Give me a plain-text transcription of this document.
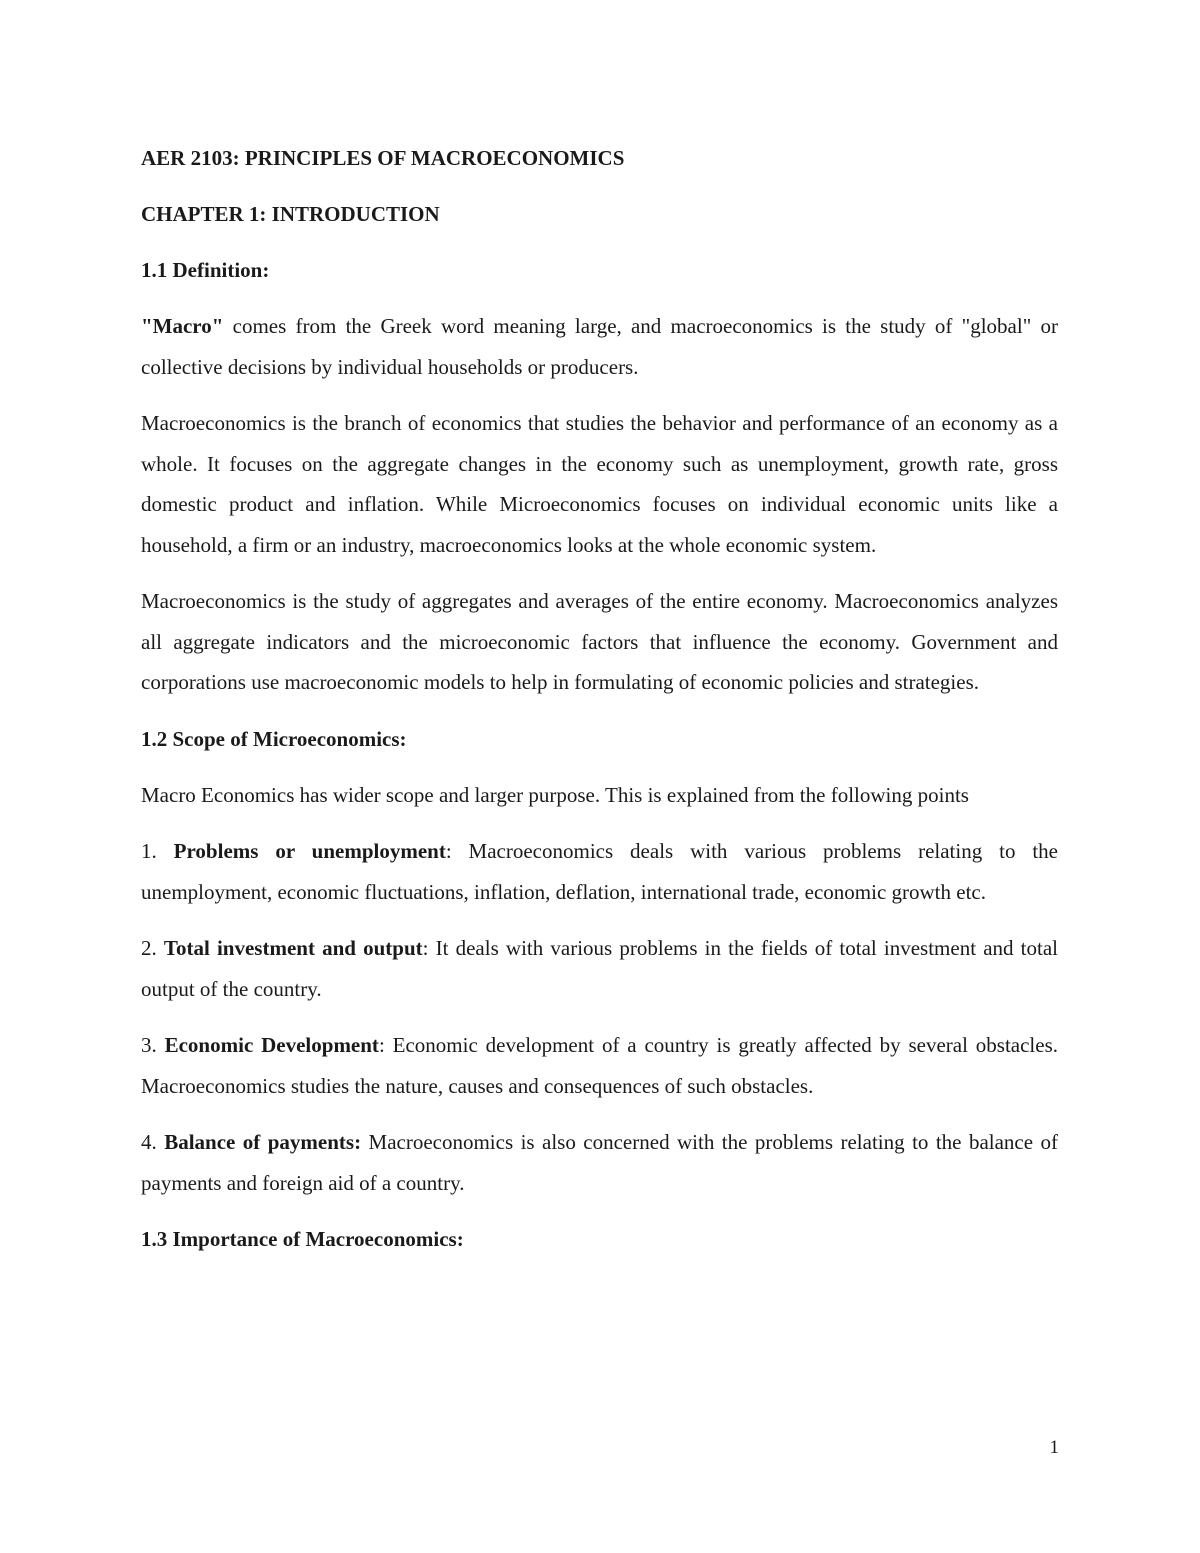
AER 2103: PRINCIPLES OF MACROECONOMICS
CHAPTER 1: INTRODUCTION
1.1 Definition:

"Macro" comes from the Greek word meaning large, and macroeconomics is the study of "global" or collective decisions by individual households or producers.

Macroeconomics is the branch of economics that studies the behavior and performance of an economy as a whole. It focuses on the aggregate changes in the economy such as unemployment, growth rate, gross domestic product and inflation. While Microeconomics focuses on individual economic units like a household, a firm or an industry, macroeconomics looks at the whole economic system.

Macroeconomics is the study of aggregates and averages of the entire economy. Macroeconomics analyzes all aggregate indicators and the microeconomic factors that influence the economy. Government and corporations use macroeconomic models to help in formulating of economic policies and strategies.

1.2 Scope of Microeconomics:

Macro Economics has wider scope and larger purpose. This is explained from the following points

1. Problems or unemployment: Macroeconomics deals with various problems relating to the unemployment, economic fluctuations, inflation, deflation, international trade, economic growth etc.

2. Total investment and output: It deals with various problems in the fields of total investment and total output of the country.

3. Economic Development: Economic development of a country is greatly affected by several obstacles. Macroeconomics studies the nature, causes and consequences of such obstacles.

4. Balance of payments: Macroeconomics is also concerned with the problems relating to the balance of payments and foreign aid of a country.

1.3 Importance of Macroeconomics:
1
